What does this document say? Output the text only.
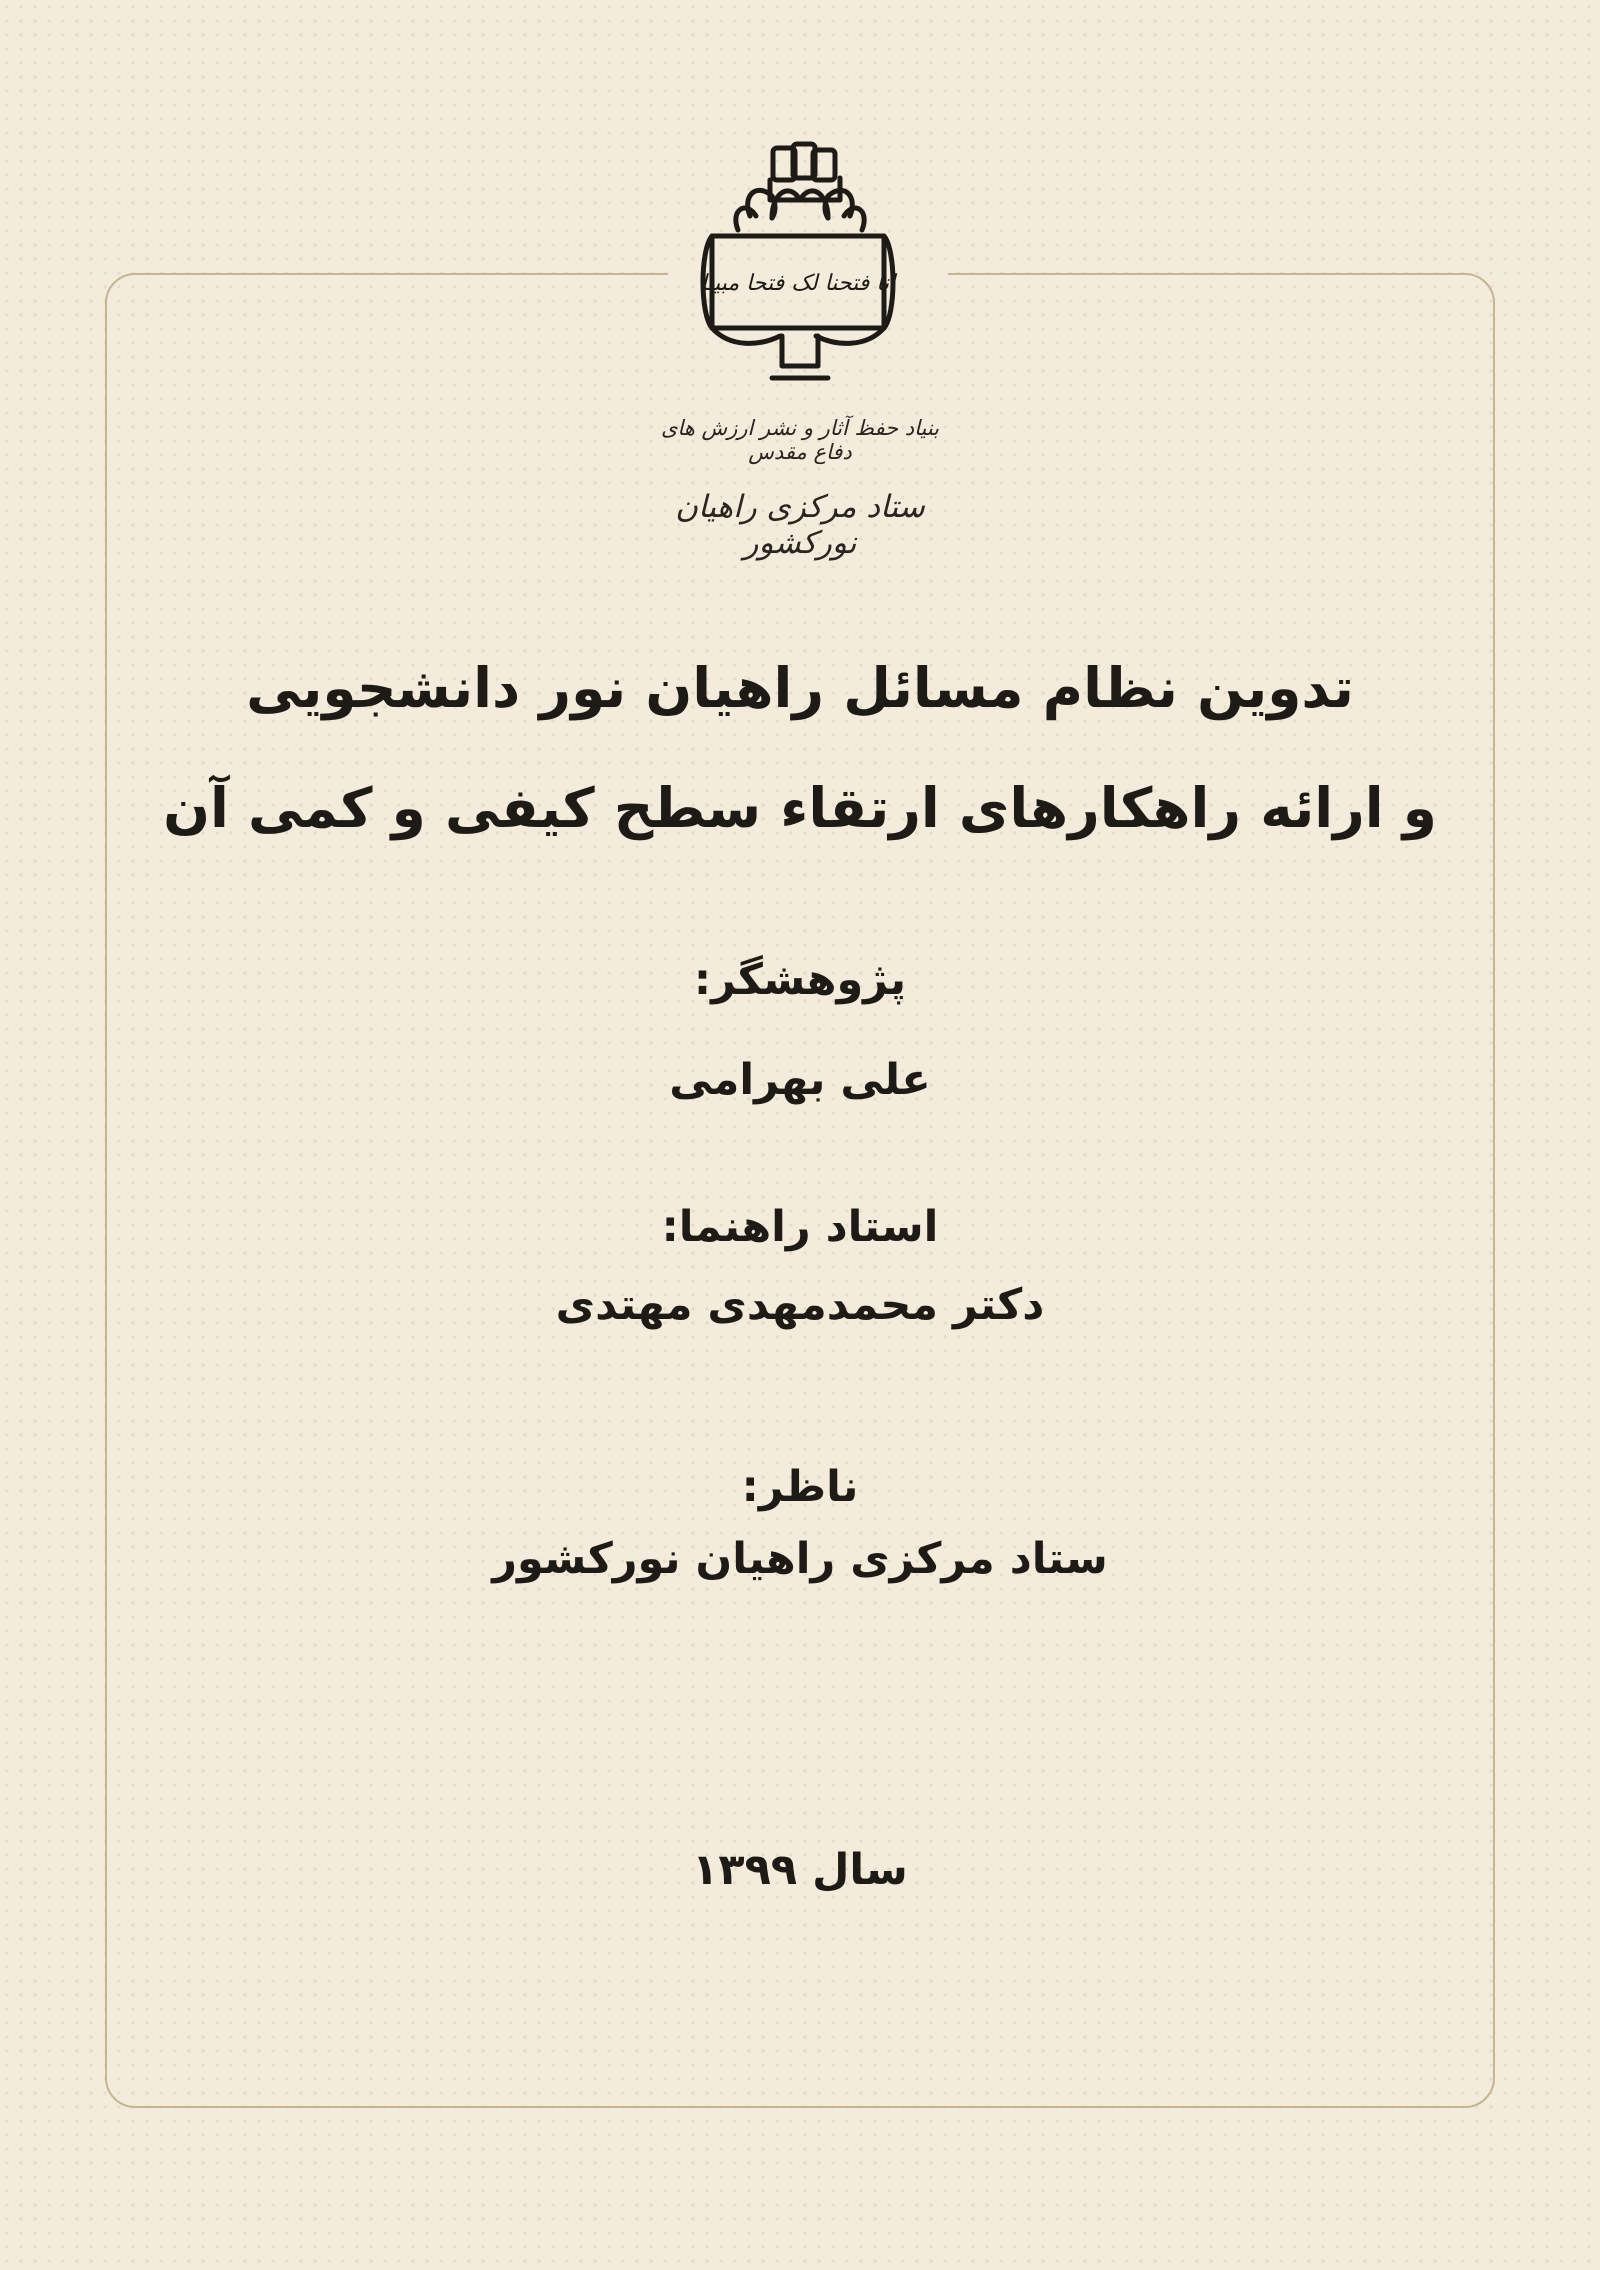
انا فتحنا لک فتحا مبینا
بنیاد حفظ آثار و نشر ارزش های دفاع مقدس
ستاد مرکزی راهیان نورکشور
تدوین نظام مسائل راهیان نور دانشجویی
و ارائه راهکارهای ارتقاء سطح کیفی و کمی آن
پژوهشگر:
علی بهرامی
استاد راهنما:
دکتر محمدمهدی مهتدی
ناظر:
ستاد مرکزی راهیان نورکشور
سال ۱۳۹۹
